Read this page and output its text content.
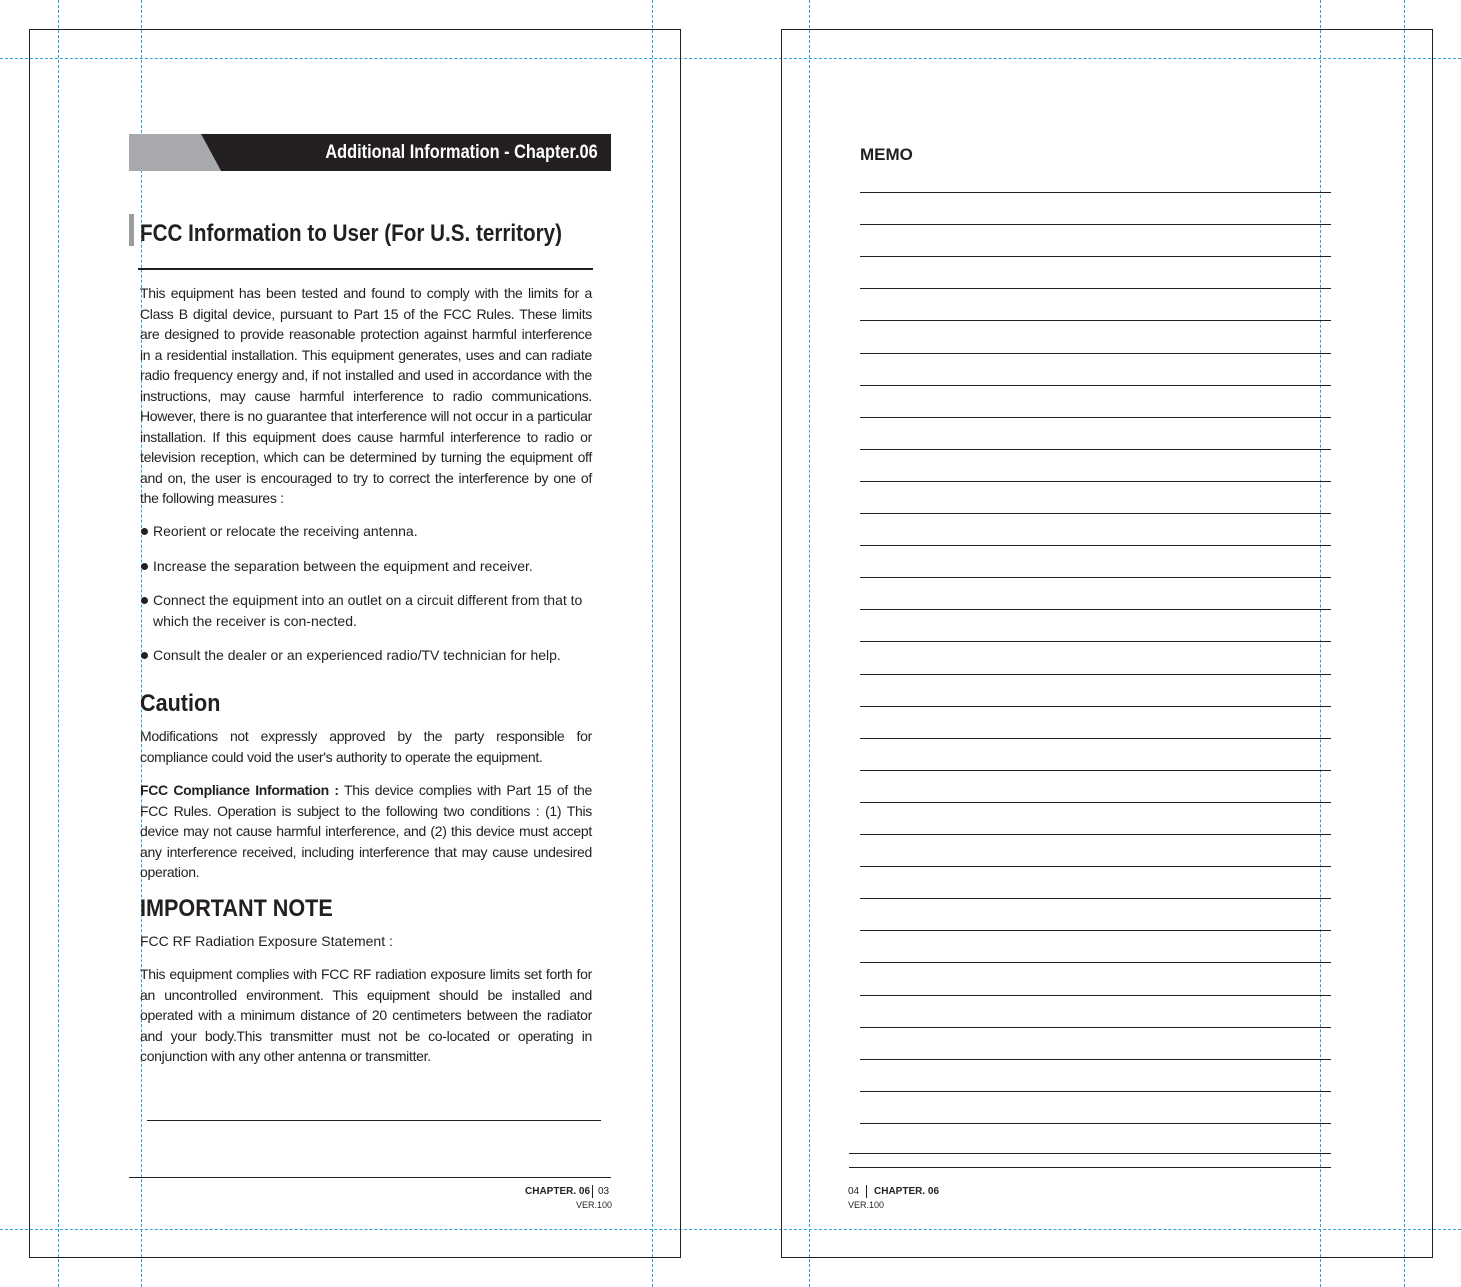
Additional Information - Chapter.06
FCC Information to User (For U.S. territory)
This equipment has been tested and found to comply with the limits for a Class B digital device, pursuant to Part 15 of the FCC Rules. These limits are designed to provide reasonable protection against harmful interference in a residential installation. This equipment generates, uses and can radiate radio frequency energy and, if not installed and used in accordance with the instructions, may cause harmful interference to radio communications. However, there is no guarantee that interference will not occur in a particular installation. If this equipment does cause harmful interference to radio or television reception, which can be determined by turning the equipment off and on, the user is encouraged to try to correct the interference by one of the following measures :
Reorient or relocate the receiving antenna.
Increase the separation between the equipment and receiver.
Connect the equipment into an outlet on a circuit different from that to which the receiver is con-nected.
Consult the dealer or an experienced radio/TV technician for help.
Caution
Modifications not expressly approved by the party responsible for compliance could void the user's authority to operate the equipment.
FCC Compliance Information : This device complies with Part 15 of the FCC Rules. Operation is subject to the following two conditions : (1) This device may not cause harmful interference, and (2) this device must accept any interference received, including interference that may cause undesired operation.
IMPORTANT NOTE
FCC RF Radiation Exposure Statement :
This equipment complies with FCC RF radiation exposure limits set forth for an uncontrolled environment. This equipment should be installed and operated with a minimum distance of 20 centimeters between the radiator and your body.This transmitter must not be co-located or operating in conjunction with any other antenna or transmitter.
CHAPTER. 06 03
VER.100
MEMO
04 CHAPTER. 06
VER.100
